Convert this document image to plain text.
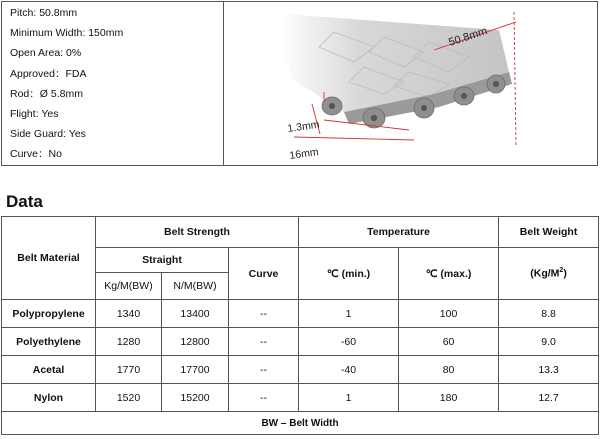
Pitch: 50.8mm
Minimum Width: 150mm
Open Area: 0%
Approved：FDA
Rod：Ø 5.8mm
Flight: Yes
Side Guard: Yes
Curve：No
50.8mm
1.3mm
16mm
Data
Belt Material	Belt Strength			Temperature		Belt Weight
	Straight		Curve	℃ (min.)	℃ (max.)	$(Kg/M^2)$
	Kg/M(BW)	N/M(BW)				
Polypropylene	1340	13400	--	1	100	8.8
Polyethylene	1280	12800	--	-60	60	9.0
Acetal	1770	17700	--	-40	80	13.3
Nylon	1520	15200	--	1	180	12.7
BW – Belt Width						
